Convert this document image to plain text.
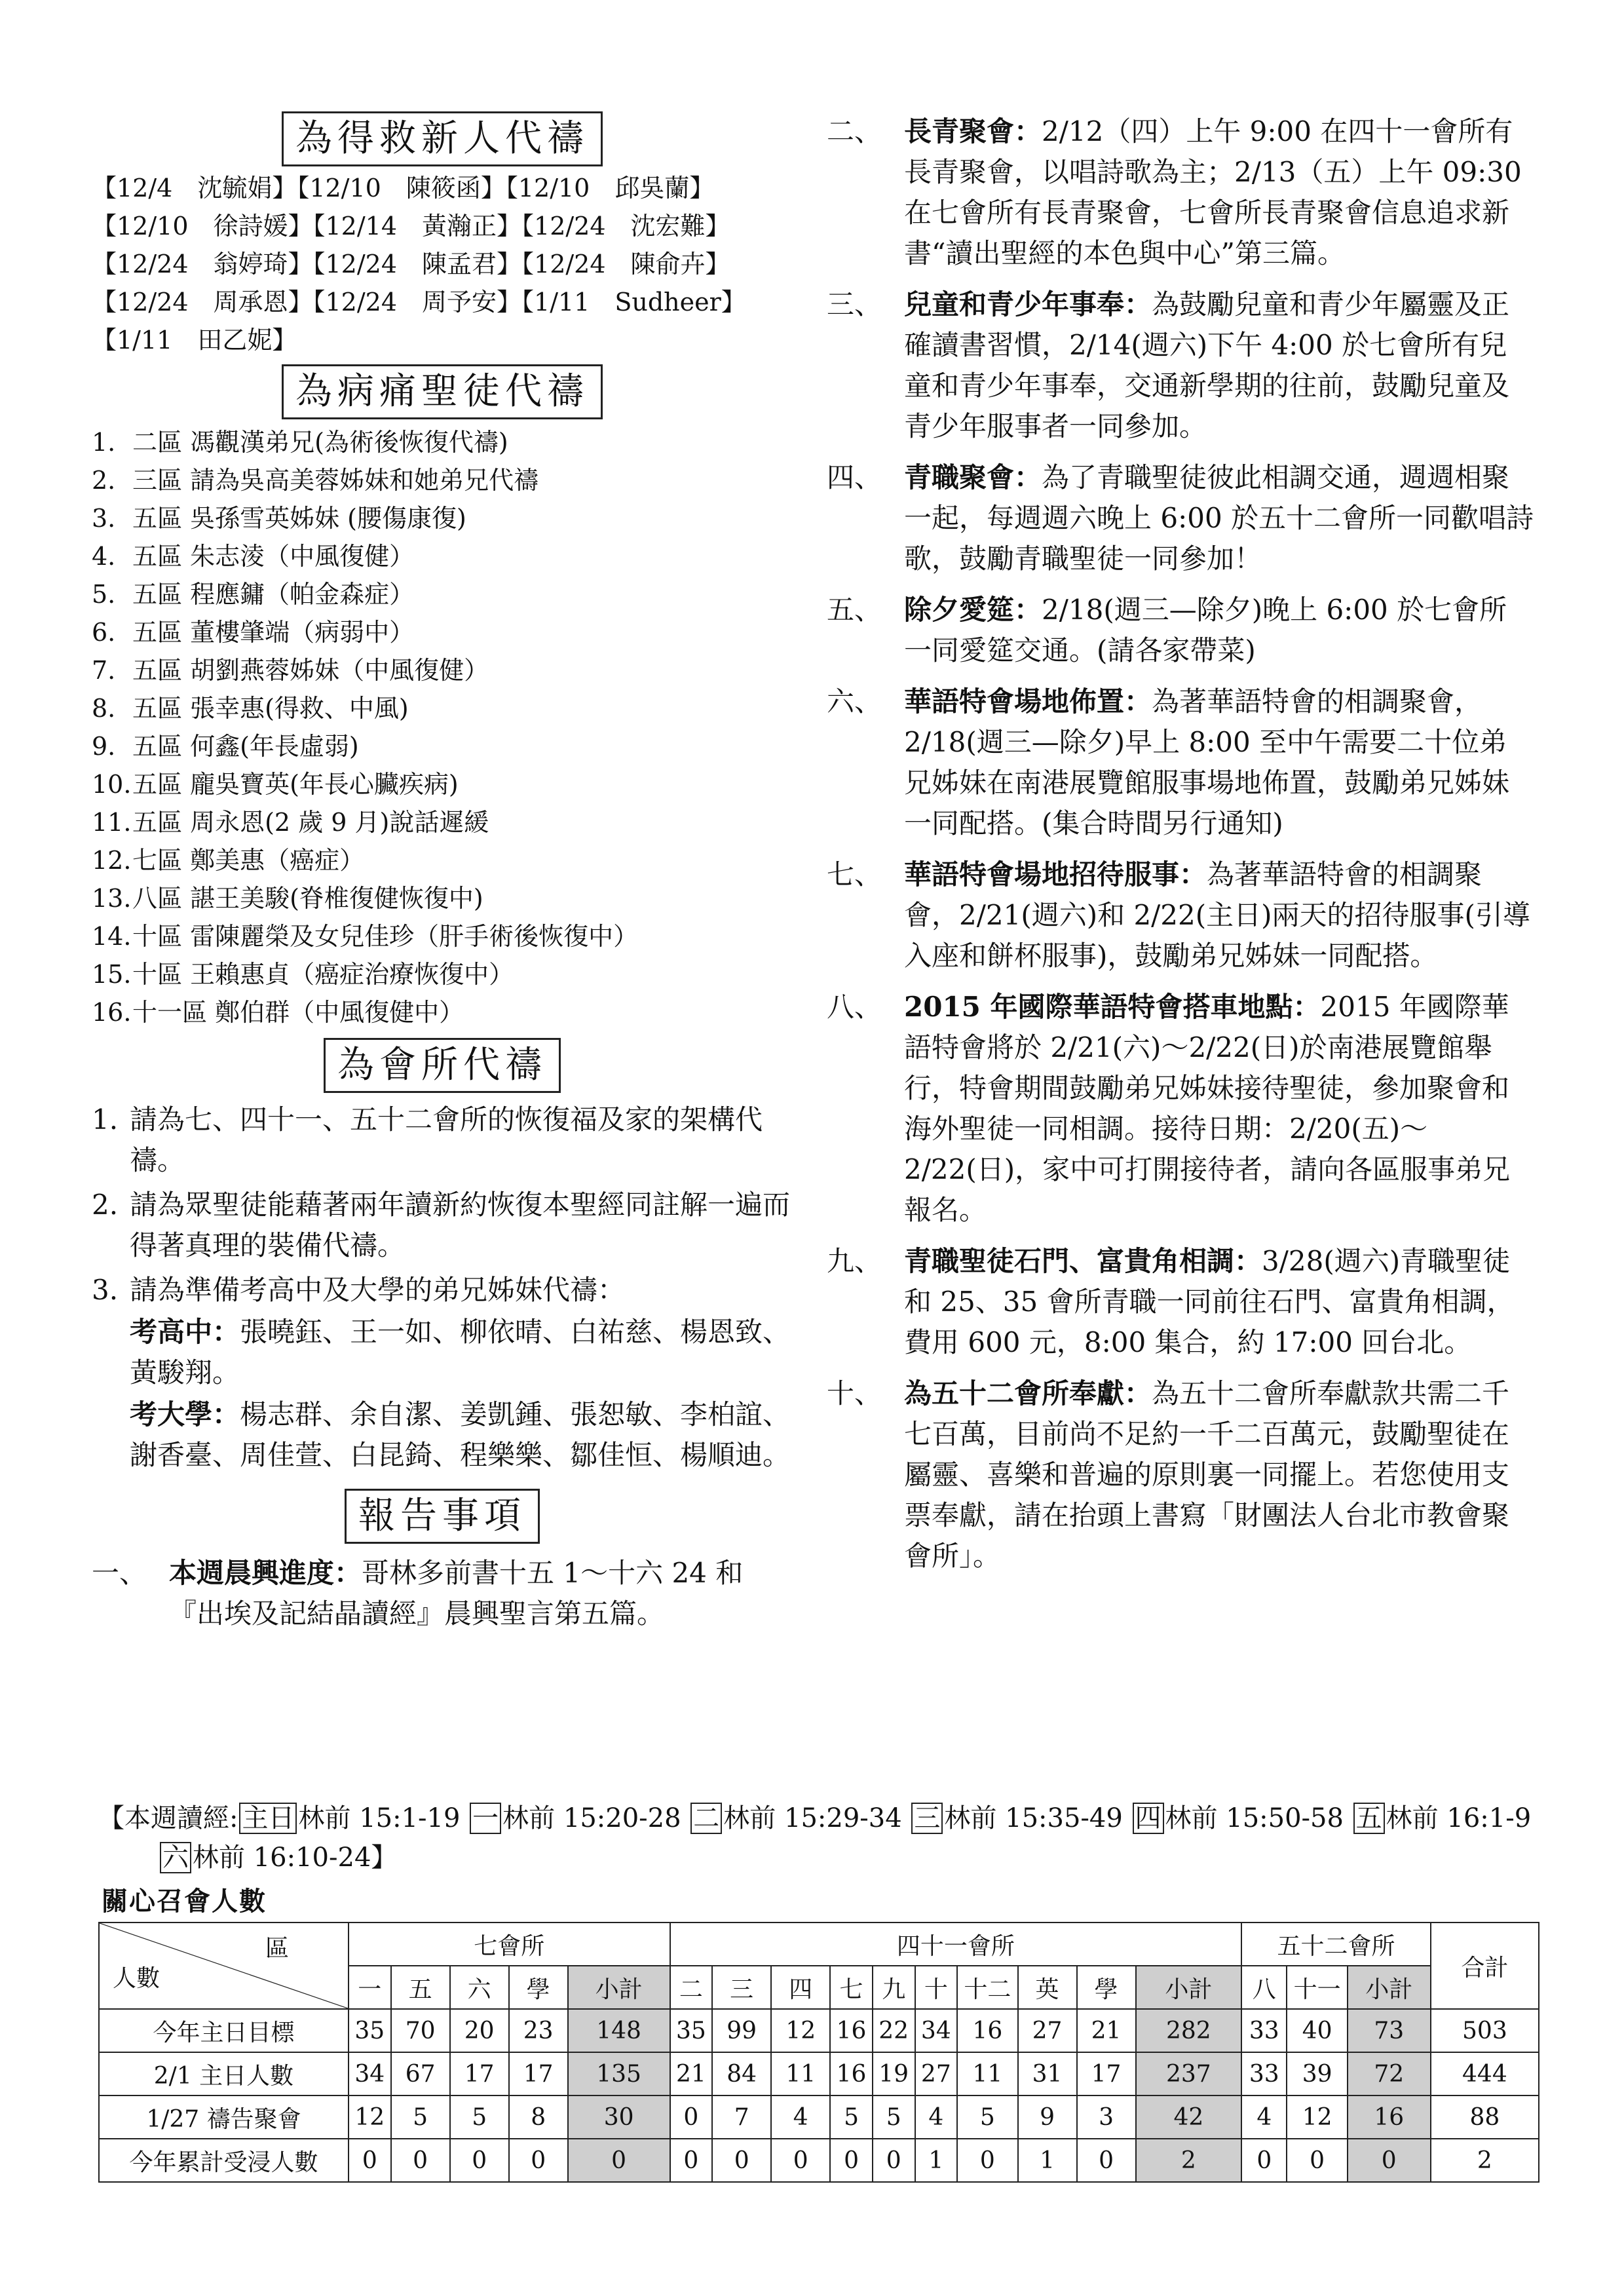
為得救新人代禱
【12/4　沈毓娟】【12/10　陳筱函】【12/10　邱吳蘭】
【12/10　徐詩媛】【12/14　黃瀚正】【12/24　沈宏難】
【12/24　翁婷琦】【12/24　陳孟君】【12/24　陳俞卉】
【12/24　周承恩】【12/24　周予安】【1/11　Sudheer】
【1/11　田乙妮】
為病痛聖徒代禱
1. 二區 馮觀漢弟兄(為術後恢復代禱)
2. 三區 請為吳高美蓉姊妹和她弟兄代禱
3. 五區 吳孫雪英姊妹 (腰傷康復)
4. 五區 朱志淩（中風復健）
5. 五區 程應鏞（帕金森症）
6. 五區 董樓肇端（病弱中）
7. 五區 胡劉燕蓉姊妹（中風復健）
8. 五區 張幸惠(得救、中風)
9. 五區 何鑫(年長虛弱)
10.五區 龐吳寶英(年長心臟疾病)
11.五區 周永恩(2 歲 9 月)說話遲緩
12.七區 鄭美惠（癌症）
13.八區 諶王美駿(脊椎復健恢復中)
14.十區 雷陳麗榮及女兒佳珍（肝手術後恢復中）
15.十區 王賴惠貞（癌症治療恢復中）
16.十一區 鄭伯群（中風復健中）
為會所代禱
1. 請為七、四十一、五十二會所的恢復福及家的架構代禱。
2. 請為眾聖徒能藉著兩年讀新約恢復本聖經同註解一遍而得著真理的裝備代禱。
3. 請為準備考高中及大學的弟兄姊妹代禱：
考高中：張曉鈺、王一如、柳依晴、白祐慈、楊恩致、黃駿翔。
考大學：楊志群、余自潔、姜凱鍾、張恕敏、李柏誼、謝香臺、周佳萱、白昆錡、程樂樂、鄒佳恒、楊順迪。
報告事項
一、 本週晨興進度：哥林多前書十五 1～十六 24 和『出埃及記結晶讀經』晨興聖言第五篇。
二、 長青聚會：2/12（四）上午 9:00 在四十一會所有長青聚會，以唱詩歌為主；2/13（五）上午 09:30 在七會所有長青聚會，七會所長青聚會信息追求新書“讀出聖經的本色與中心”第三篇。
三、 兒童和青少年事奉：為鼓勵兒童和青少年屬靈及正確讀書習慣，2/14(週六)下午 4:00 於七會所有兒童和青少年事奉，交通新學期的往前，鼓勵兒童及青少年服事者一同參加。
四、 青職聚會：為了青職聖徒彼此相調交通，週週相聚一起，每週週六晚上 6:00 於五十二會所一同歡唱詩歌，鼓勵青職聖徒一同參加！
五、 除夕愛筵：2/18(週三—除夕)晚上 6:00 於七會所一同愛筵交通。(請各家帶菜)
六、 華語特會場地佈置：為著華語特會的相調聚會，2/18(週三—除夕)早上 8:00 至中午需要二十位弟兄姊妹在南港展覽館服事場地佈置，鼓勵弟兄姊妹一同配搭。(集合時間另行通知)
七、 華語特會場地招待服事：為著華語特會的相調聚會，2/21(週六)和 2/22(主日)兩天的招待服事(引導入座和餅杯服事)，鼓勵弟兄姊妹一同配搭。
八、 2015 年國際華語特會搭車地點：2015 年國際華語特會將於 2/21(六)～2/22(日)於南港展覽館舉行，特會期間鼓勵弟兄姊妹接待聖徒，參加聚會和海外聖徒一同相調。接待日期：2/20(五)～2/22(日)，家中可打開接待者，請向各區服事弟兄報名。
九、 青職聖徒石門、富貴角相調：3/28(週六)青職聖徒和 25、35 會所青職一同前往石門、富貴角相調，費用 600 元，8:00 集合，約 17:00 回台北。
十、 為五十二會所奉獻：為五十二會所奉獻款共需二千七百萬，目前尚不足約一千二百萬元，鼓勵聖徒在屬靈、喜樂和普遍的原則裏一同擺上。若您使用支票奉獻，請在抬頭上書寫「財團法人台北市教會聚會所」。
【本週讀經: 主日 林前 15:1-19 一 林前 15:20-28 二 林前 15:29-34 三 林前 15:35-49 四 林前 15:50-58 五 林前 16:1-9
六 林前 16:10-24】
關心召會人數
區
人數	七會所					四十一會所										五十二會所			合計
	一	五	六	學	小計	二	三	四	七	九	十	十二	英	學	小計	八	十一	小計	
今年主日目標	35	70	20	23	148	35	99	12	16	22	34	16	27	21	282	33	40	73	503
2/1 主日人數	34	67	17	17	135	21	84	11	16	19	27	11	31	17	237	33	39	72	444
1/27 禱告聚會	12	5	5	8	30	0	7	4	5	5	4	5	9	3	42	4	12	16	88
今年累計受浸人數	0	0	0	0	0	0	0	0	0	0	1	0	1	0	2	0	0	0	2
